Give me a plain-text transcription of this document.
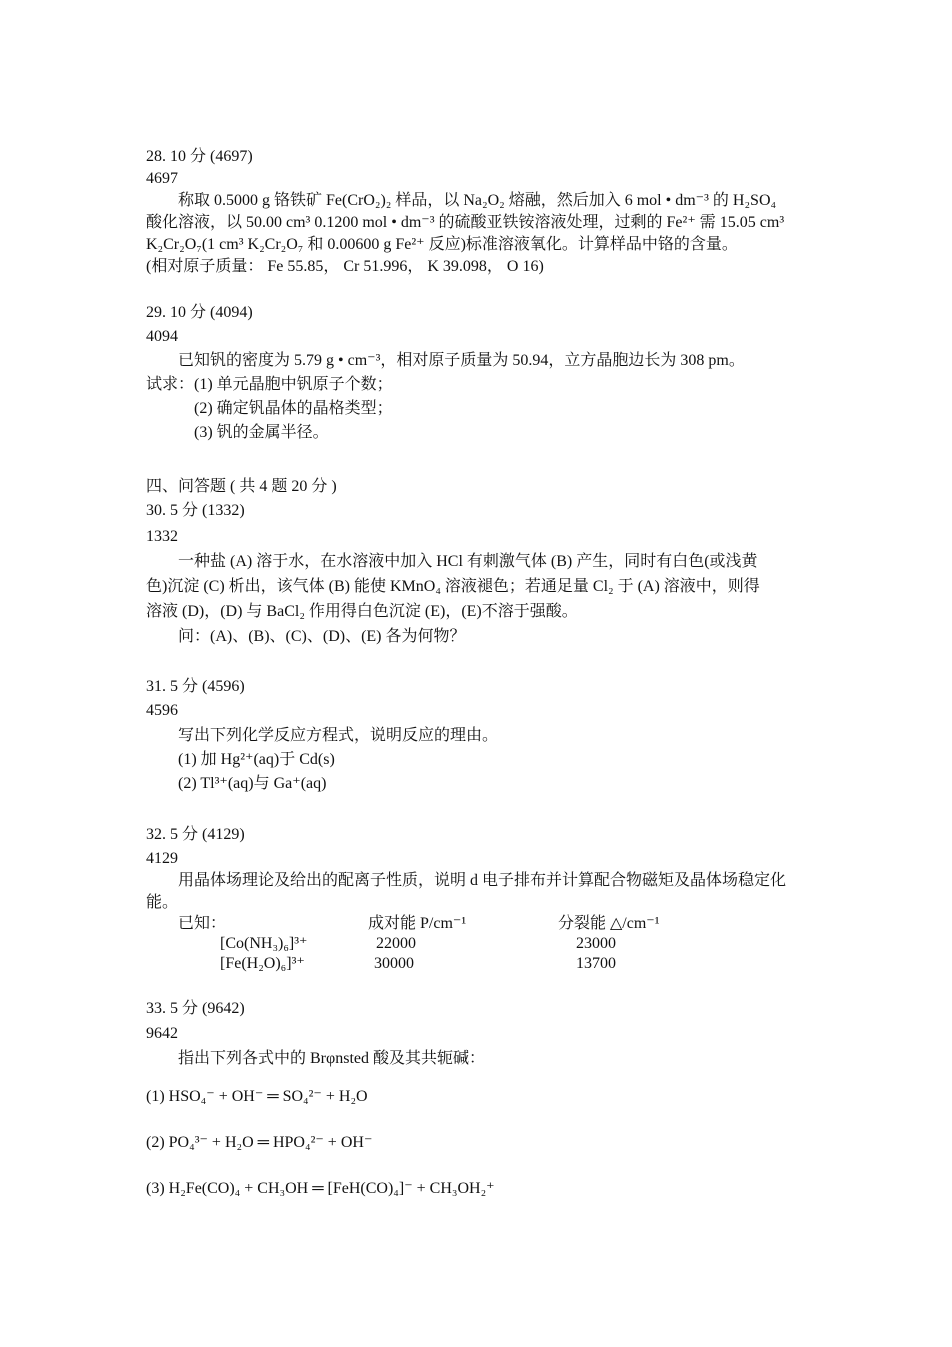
28. 10 分 (4697)
4697
称取 0.5000 g 铬铁矿 Fe(CrO₂)₂ 样品，以 Na₂O₂ 熔融，然后加入 6 mol • dm⁻³ 的 H₂SO₄
酸化溶液，以 50.00 cm³ 0.1200 mol • dm⁻³ 的硫酸亚铁铵溶液处理，过剩的 Fe²⁺ 需 15.05 cm³
K₂Cr₂O₇(1 cm³ K₂Cr₂O₇ 和 0.00600 g Fe²⁺ 反应)标准溶液氧化。计算样品中铬的含量。
(相对原子质量： Fe 55.85， Cr 51.996， K 39.098， O 16)
29. 10 分 (4094)
4094
已知钒的密度为 5.79 g • cm⁻³，相对原子质量为 50.94，立方晶胞边长为 308 pm。
试求：(1) 单元晶胞中钒原子个数；
(2) 确定钒晶体的晶格类型；
(3) 钒的金属半径。
四、问答题 ( 共 4 题 20 分 )
30. 5 分 (1332)
1332
一种盐 (A) 溶于水，在水溶液中加入 HCl 有刺激气体 (B) 产生，同时有白色(或浅黄
色)沉淀 (C) 析出，该气体 (B) 能使 KMnO₄ 溶液褪色；若通足量 Cl₂ 于 (A) 溶液中，则得
溶液 (D)，(D) 与 BaCl₂ 作用得白色沉淀 (E)，(E)不溶于强酸。
问：(A)、(B)、(C)、(D)、(E) 各为何物？
31. 5 分 (4596)
4596
写出下列化学反应方程式，说明反应的理由。
(1) 加 Hg²⁺(aq)于 Cd(s)
(2) Tl³⁺(aq)与 Ga⁺(aq)
32. 5 分 (4129)
4129
用晶体场理论及给出的配离子性质，说明 d 电子排布并计算配合物磁矩及晶体场稳定化
能。
已知：	成对能 P/cm⁻¹	分裂能 △/cm⁻¹
[Co(NH₃)₆]³⁺	22000	23000
[Fe(H₂O)₆]³⁺	30000	13700
33. 5 分 (9642)
9642
指出下列各式中的 Brφnsted 酸及其共轭碱：
(1) HSO₄⁻ + OH⁻ ═ SO₄²⁻ + H₂O
(2) PO₄³⁻ + H₂O ═ HPO₄²⁻ + OH⁻
(3) H₂Fe(CO)₄ + CH₃OH ═ [FeH(CO)₄]⁻ + CH₃OH₂⁺
